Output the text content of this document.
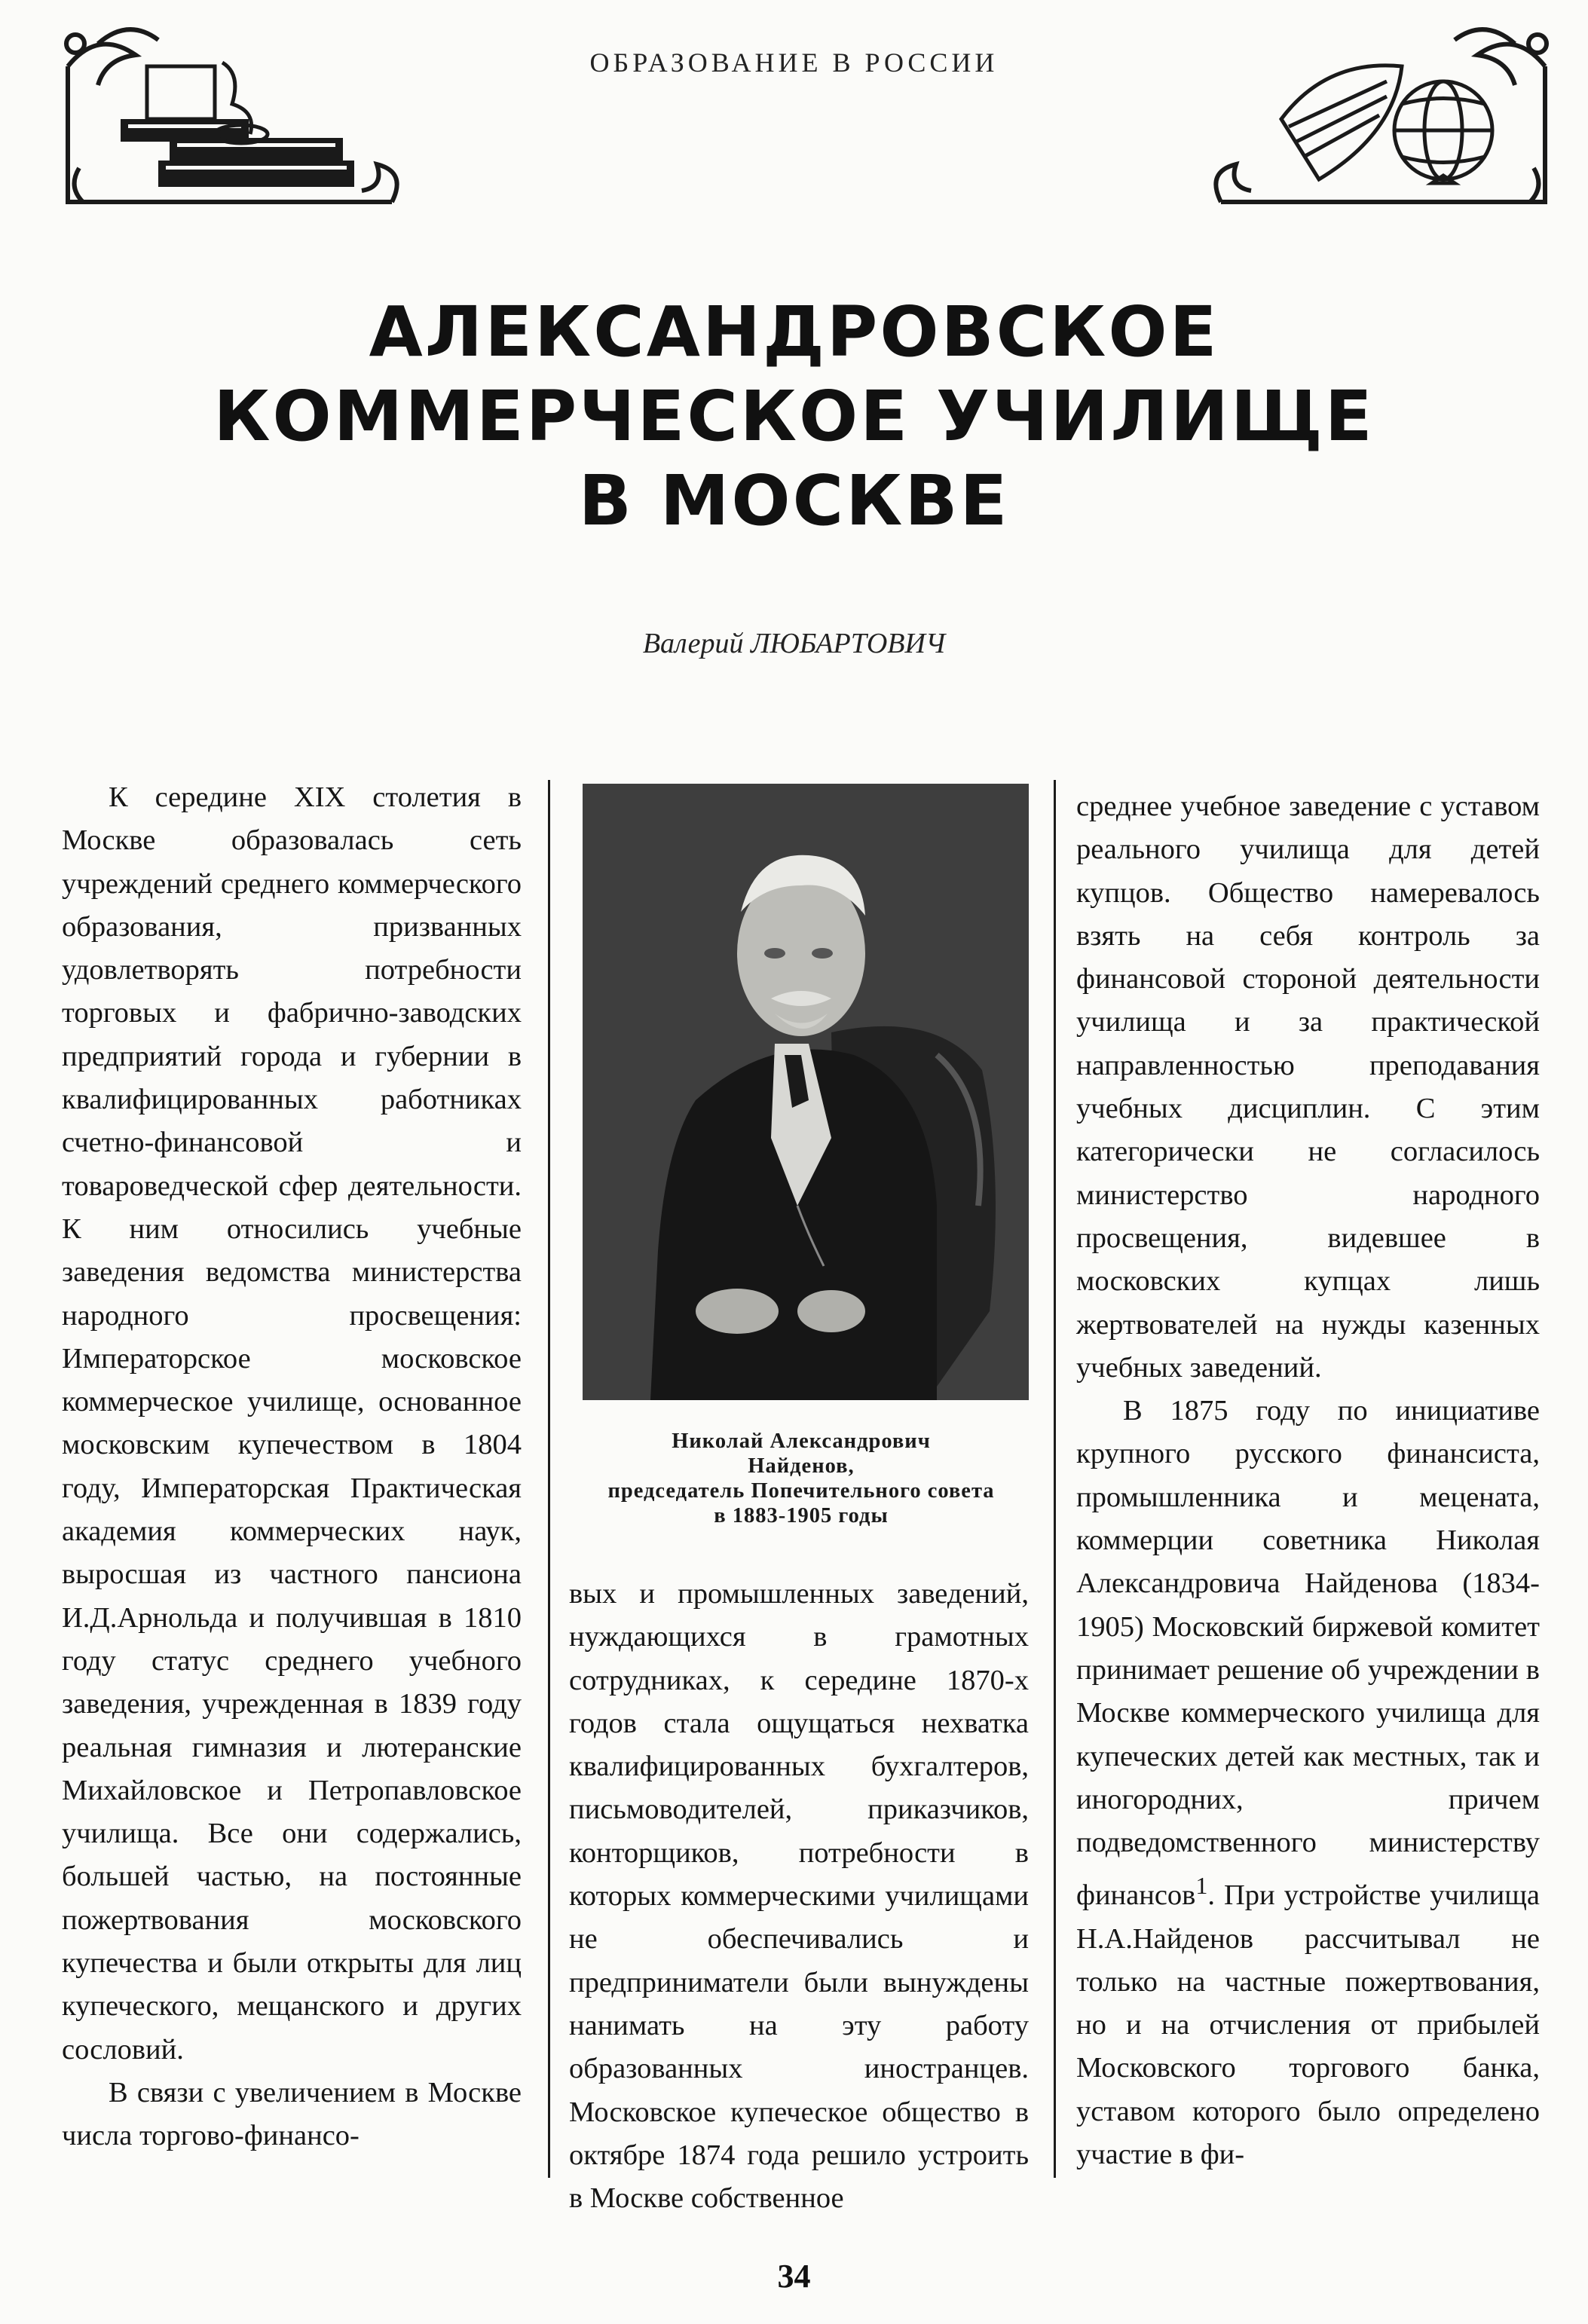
ОБРАЗОВАНИЕ В РОССИИ
АЛЕКСАНДРОВСКОЕ
КОММЕРЧЕСКОЕ УЧИЛИЩЕ
В МОСКВЕ
Валерий ЛЮБАРТОВИЧ

К середине XIX столетия в Москве образовалась сеть учреждений среднего коммерческого образования, призванных удовлетворять потребности торговых и фабрично-заводских предприятий города и губернии в квалифицированных работниках счетно-финансовой и товароведческой сфер деятельности. К ним относились учебные заведения ведомства министерства народного просвещения: Императорское московское коммерческое училище, основанное московским купечеством в 1804 году, Императорская Практическая академия коммерческих наук, выросшая из частного пансиона И.Д.Арнольда и получившая в 1810 году статус среднего учебного заведения, учрежденная в 1839 году реальная гимназия и лютеранские Михайловское и Петропавловское училища. Все они содержались, большей частью, на постоянные пожертвования московского купечества и были открыты для лиц купеческого, мещанского и других сословий.

В связи с увеличением в Москве числа торгово-финансо-

Николай Александрович
Найденов,
председатель Попечительного совета
в 1883-1905 годы

вых и промышленных заведений, нуждающихся в грамотных сотрудниках, к середине 1870-х годов стала ощущаться нехватка квалифицированных бухгалтеров, письмоводителей, приказчиков, конторщиков, потребности в которых коммерческими училищами не обеспечивались и предприниматели были вынуждены нанимать на эту работу образованных иностранцев. Московское купеческое общество в октябре 1874 года решило устроить в Москве собственное

среднее учебное заведение с уставом реального училища для детей купцов. Общество намеревалось взять на себя контроль за финансовой стороной деятельности училища и за практической направленностью преподавания учебных дисциплин. С этим категорически не согласилось министерство народного просвещения, видевшее в московских купцах лишь жертвователей на нужды казенных учебных заведений.

В 1875 году по инициативе крупного русского финансиста, промышленника и мецената, коммерции советника Николая Александровича Найденова (1834-1905) Московский биржевой комитет принимает решение об учреждении в Москве коммерческого училища для купеческих детей как местных, так и иногородних, причем подведомственного министерству финансов$^1$. При устройстве училища Н.А.Найденов рассчитывал не только на частные пожертвования, но и на отчисления от прибылей Московского торгового банка, уставом которого было определено участие в фи-

34
